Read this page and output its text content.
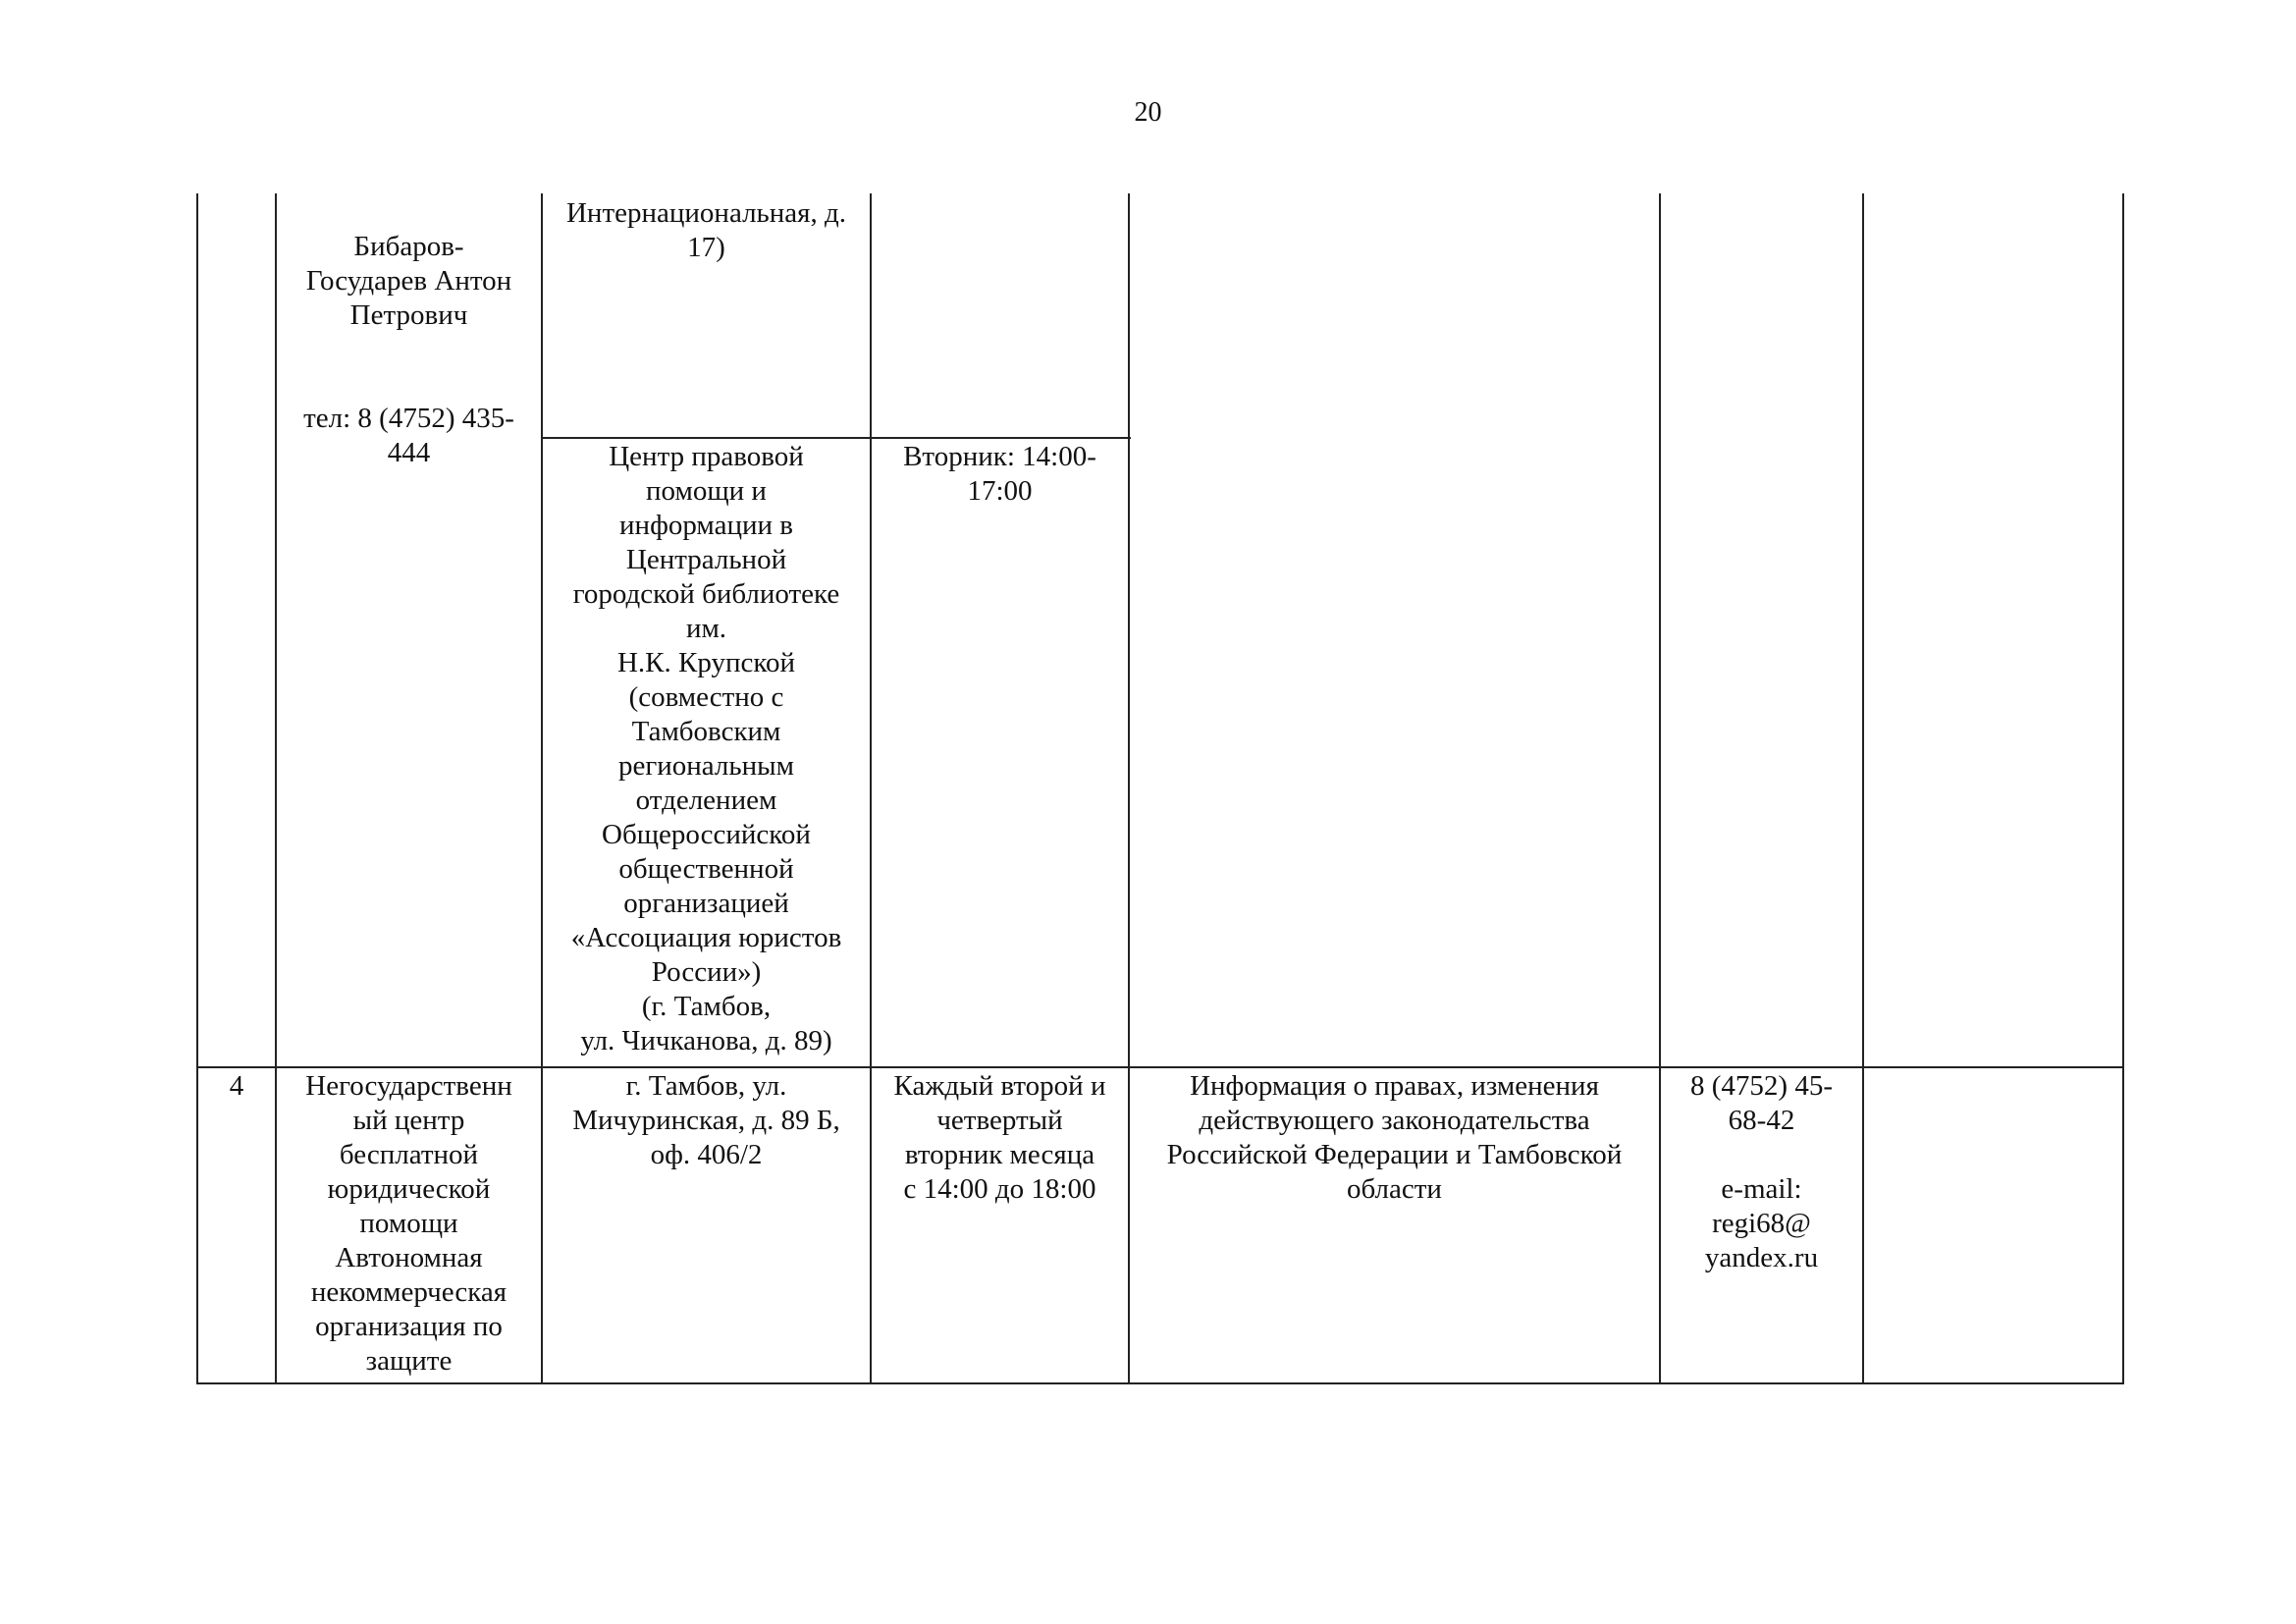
20
Бибаров-
Государев Антон
Петрович

тел: 8 (4752) 435-
444
Интернациональная, д.
17)
Центр правовой
помощи и
информации в
Центральной
городской библиотеке
им.
Н.К. Крупской
(совместно с
Тамбовским
региональным
отделением
Общероссийской
общественной
организацией
«Ассоциация юристов
России»)
(г. Тамбов,
ул. Чичканова, д. 89)
Вторник: 14:00-
17:00
4	Негосударственн
ый центр
бесплатной
юридической
помощи
Автономная
некоммерческая
организация по
защите
г. Тамбов, ул.
Мичуринская, д. 89 Б,
оф. 406/2
Каждый второй и
четвертый
вторник месяца
с 14:00 до 18:00
Информация о правах, изменения
действующего законодательства
Российской Федерации и Тамбовской
области
8 (4752) 45-
68-42

e-mail:
regi68@
yandex.ru
